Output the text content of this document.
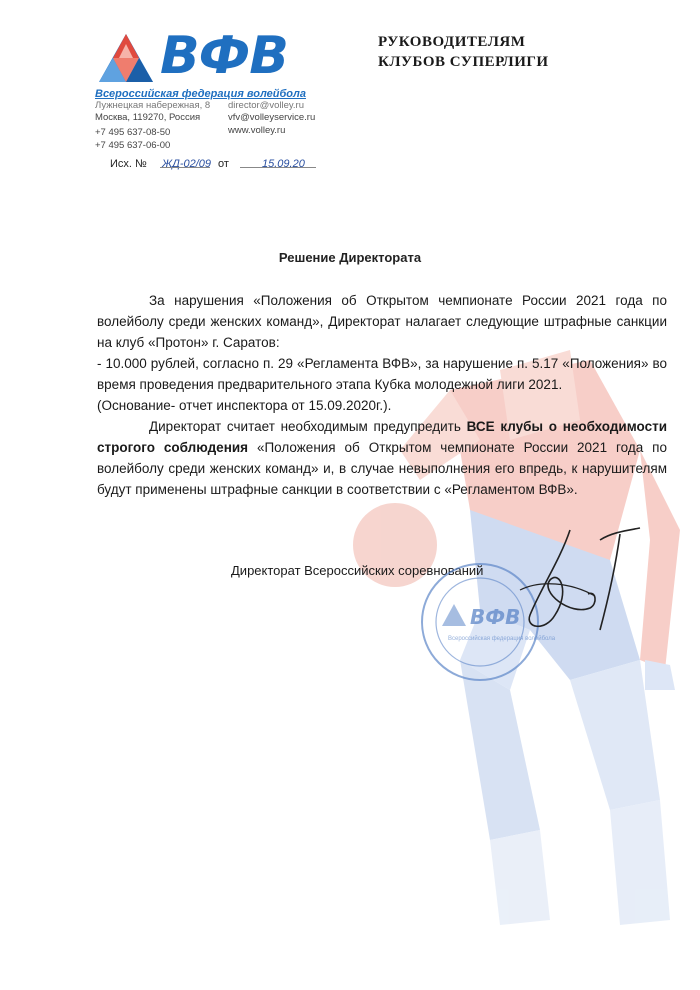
ВФВ
Всероссийская федерация волейбола
Лужнецкая набережная, 8
Москва, 119270, Россия
+7 495 637-08-50
+7 495 637-06-00
director@volley.ru
vfv@volleyservice.ru
www.volley.ru
Исх. № ЖД-02/09 от	15.09.20
РУКОВОДИТЕЛЯМ
КЛУБОВ СУПЕРЛИГИ
Решение Директората
За нарушения «Положения об Открытом чемпионате России 2021 года по волейболу среди женских команд», Директорат налагает следующие штрафные санкции на клуб «Протон» г. Саратов:
- 10.000 рублей, согласно п. 29 «Регламента ВФВ», за нарушение п. 5.17 «Положения» во время проведения предварительного этапа Кубка молодежной лиги 2021.
(Основание- отчет инспектора от 15.09.2020г.).
Директорат считает необходимым предупредить ВСЕ клубы о необходимости строгого соблюдения «Положения об Открытом чемпионате России 2021 года по волейболу среди женских команд» и, в случае невыполнения его впредь, к нарушителям будут применены штрафные санкции в соответствии с «Регламентом ВФВ».
Директорат Всероссийских соревнований
ВФВ
Всероссийская федерация волейбола
